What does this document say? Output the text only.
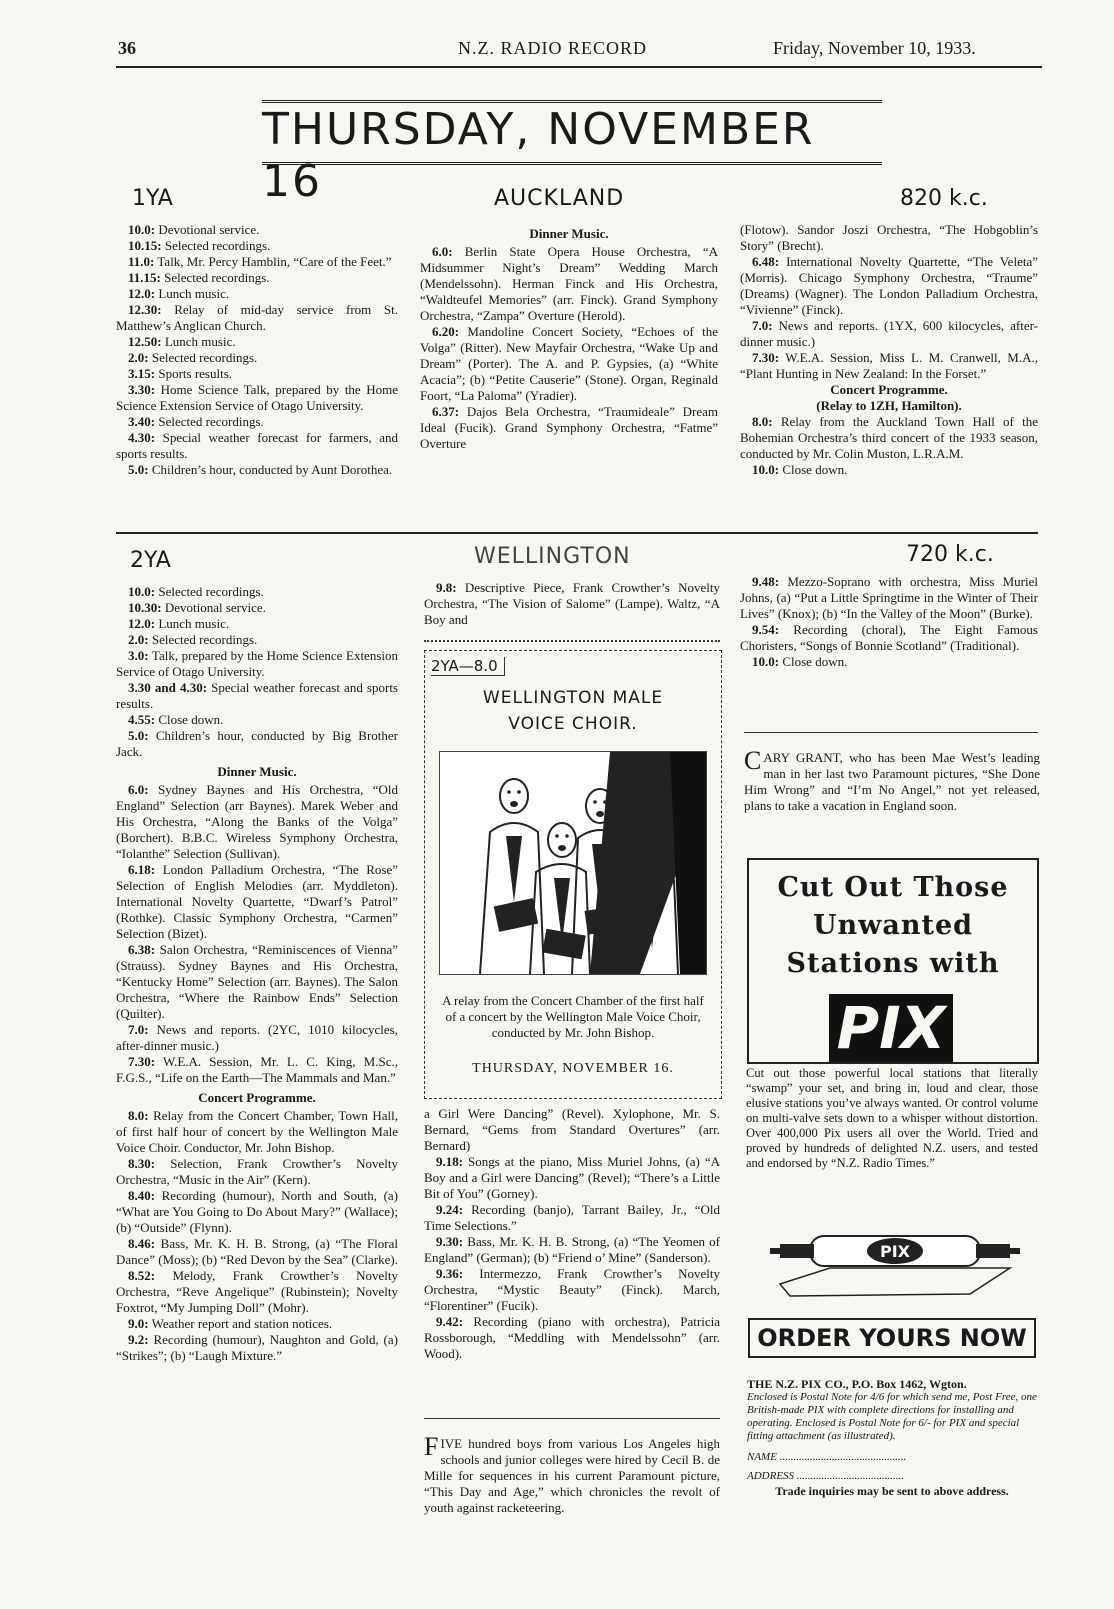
36	N.Z. RADIO RECORD	Friday, November 10, 1933.
THURSDAY, NOVEMBER 16
1YA	AUCKLAND	820 k.c.

10.0: Devotional service.

10.15: Selected recordings.

11.0: Talk, Mr. Percy Hamblin, “Care of the Feet.”

11.15: Selected recordings.

12.0: Lunch music.

12.30: Relay of mid-day service from St. Matthew’s Anglican Church.

12.50: Lunch music.

2.0: Selected recordings.

3.15: Sports results.

3.30: Home Science Talk, prepared by the Home Science Extension Service of Otago University.

3.40: Selected recordings.

4.30: Special weather forecast for farmers, and sports results.

5.0: Children’s hour, conducted by Aunt Dorothea.

Dinner Music.

6.0: Berlin State Opera House Orchestra, “A Midsummer Night’s Dream” Wedding March (Mendelssohn). Herman Finck and His Orchestra, “Waldteufel Memories” (arr. Finck). Grand Symphony Orchestra, “Zampa” Overture (Herold).

6.20: Mandoline Concert Society, “Echoes of the Volga” (Ritter). New Mayfair Orchestra, “Wake Up and Dream” (Porter). The A. and P. Gypsies, (a) “White Acacia”; (b) “Petite Causerie” (Stone). Organ, Reginald Foort, “La Paloma” (Yradier).

6.37: Dajos Bela Orchestra, “Traumideale” Dream Ideal (Fucik). Grand Symphony Orchestra, “Fatme” Overture

(Flotow). Sandor Joszi Orchestra, “The Hobgoblin’s Story” (Brecht).

6.48: International Novelty Quartette, “The Veleta” (Morris). Chicago Symphony Orchestra, “Traume” (Dreams) (Wagner). The London Palladium Orchestra, “Vivienne” (Finck).

7.0: News and reports. (1YX, 600 kilocycles, after-dinner music.)

7.30: W.E.A. Session, Miss L. M. Cranwell, M.A., “Plant Hunting in New Zealand: In the Forset.”

Concert Programme.

(Relay to 1ZH, Hamilton).

8.0: Relay from the Auckland Town Hall of the Bohemian Orchestra’s third concert of the 1933 season, conducted by Mr. Colin Muston, L.R.A.M.

10.0: Close down.

2YA	WELLINGTON	720 k.c.

10.0: Selected recordings.

10.30: Devotional service.

12.0: Lunch music.

2.0: Selected recordings.

3.0: Talk, prepared by the Home Science Extension Service of Otago University.

3.30 and 4.30: Special weather forecast and sports results.

4.55: Close down.

5.0: Children’s hour, conducted by Big Brother Jack.

Dinner Music.

6.0: Sydney Baynes and His Orchestra, “Old England” Selection (arr Baynes). Marek Weber and His Orchestra, “Along the Banks of the Volga” (Borchert). B.B.C. Wireless Symphony Orchestra, “Iolanthe” Selection (Sullivan).

6.18: London Palladium Orchestra, “The Rose” Selection of English Melodies (arr. Myddleton). International Novelty Quartette, “Dwarf’s Patrol” (Rothke). Classic Symphony Orchestra, “Carmen” Selection (Bizet).

6.38: Salon Orchestra, “Reminiscences of Vienna” (Strauss). Sydney Baynes and His Orchestra, “Kentucky Home” Selection (arr. Baynes). The Salon Orchestra, “Where the Rainbow Ends” Selection (Quilter).

7.0: News and reports. (2YC, 1010 kilocycles, after-dinner music.)

7.30: W.E.A. Session, Mr. L. C. King, M.Sc., F.G.S., “Life on the Earth—The Mammals and Man.”

Concert Programme.

8.0: Relay from the Concert Chamber, Town Hall, of first half hour of concert by the Wellington Male Voice Choir. Conductor, Mr. John Bishop.

8.30: Selection, Frank Crowther’s Novelty Orchestra, “Music in the Air” (Kern).

8.40: Recording (humour), North and South, (a) “What are You Going to Do About Mary?” (Wallace); (b) “Outside” (Flynn).

8.46: Bass, Mr. K. H. B. Strong, (a) “The Floral Dance” (Moss); (b) “Red Devon by the Sea” (Clarke).

8.52: Melody, Frank Crowther’s Novelty Orchestra, “Reve Angelique” (Rubinstein); Novelty Foxtrot, “My Jumping Doll” (Mohr).

9.0: Weather report and station notices.

9.2: Recording (humour), Naughton and Gold, (a) “Strikes”; (b) “Laugh Mixture.”

9.8: Descriptive Piece, Frank Crowther’s Novelty Orchestra, “The Vision of Salome” (Lampe). Waltz, “A Boy and

2YA—8.0
WELLINGTON MALE
VOICE CHOIR.
A relay from the Concert Chamber of the first half of a concert by the Wellington Male Voice Choir, conducted by Mr. John Bishop.
THURSDAY, NOVEMBER 16.

a Girl Were Dancing” (Revel). Xylophone, Mr. S. Bernard, “Gems from Standard Overtures” (arr. Bernard)

9.18: Songs at the piano, Miss Muriel Johns, (a) “A Boy and a Girl were Dancing” (Revel); “There’s a Little Bit of You” (Gorney).

9.24: Recording (banjo), Tarrant Bailey, Jr., “Old Time Selections.”

9.30: Bass, Mr. K. H. B. Strong, (a) “The Yeomen of England” (German); (b) “Friend o’ Mine” (Sanderson).

9.36: Intermezzo, Frank Crowther’s Novelty Orchestra, “Mystic Beauty” (Finck). March, “Florentiner” (Fucik).

9.42: Recording (piano with orchestra), Patricia Rossborough, “Meddling with Mendelssohn” (arr. Wood).

FIVE hundred boys from various Los Angeles high schools and junior colleges were hired by Cecil B. de Mille for sequences in his current Paramount picture, “This Day and Age,” which chronicles the revolt of youth against racketeering.

9.48: Mezzo-Soprano with orchestra, Miss Muriel Johns, (a) “Put a Little Springtime in the Winter of Their Lives” (Knox); (b) “In the Valley of the Moon” (Burke).

9.54: Recording (choral), The Eight Famous Choristers, “Songs of Bonnie Scotland” (Traditional).

10.0: Close down.

CARY GRANT, who has been Mae West’s leading man in her last two Paramount pictures, “She Done Him Wrong” and “I’m No Angel,” not yet released, plans to take a vacation in England soon.
Cut Out Those
Unwanted
Stations with
PIX
Cut out those powerful local stations that literally “swamp” your set, and bring in, loud and clear, those elusive stations you’ve always wanted. Or control volume on multi-valve sets down to a whisper without distortion. Over 400,000 Pix users all over the World. Tried and proved by hundreds of delighted N.Z. users, and tested and endorsed by “N.Z. Radio Times.”
PIX
ORDER YOURS NOW
THE N.Z. PIX CO., P.O. Box 1462, Wgton.
Enclosed is Postal Note for 4/6 for which send me, Post Free, one British-made PIX with complete directions for installing and operating. Enclosed is Postal Note for 6/- for PIX and special fitting attachment (as illustrated).
NAME ..............................................
ADDRESS .......................................
Trade inquiries may be sent to above address.
